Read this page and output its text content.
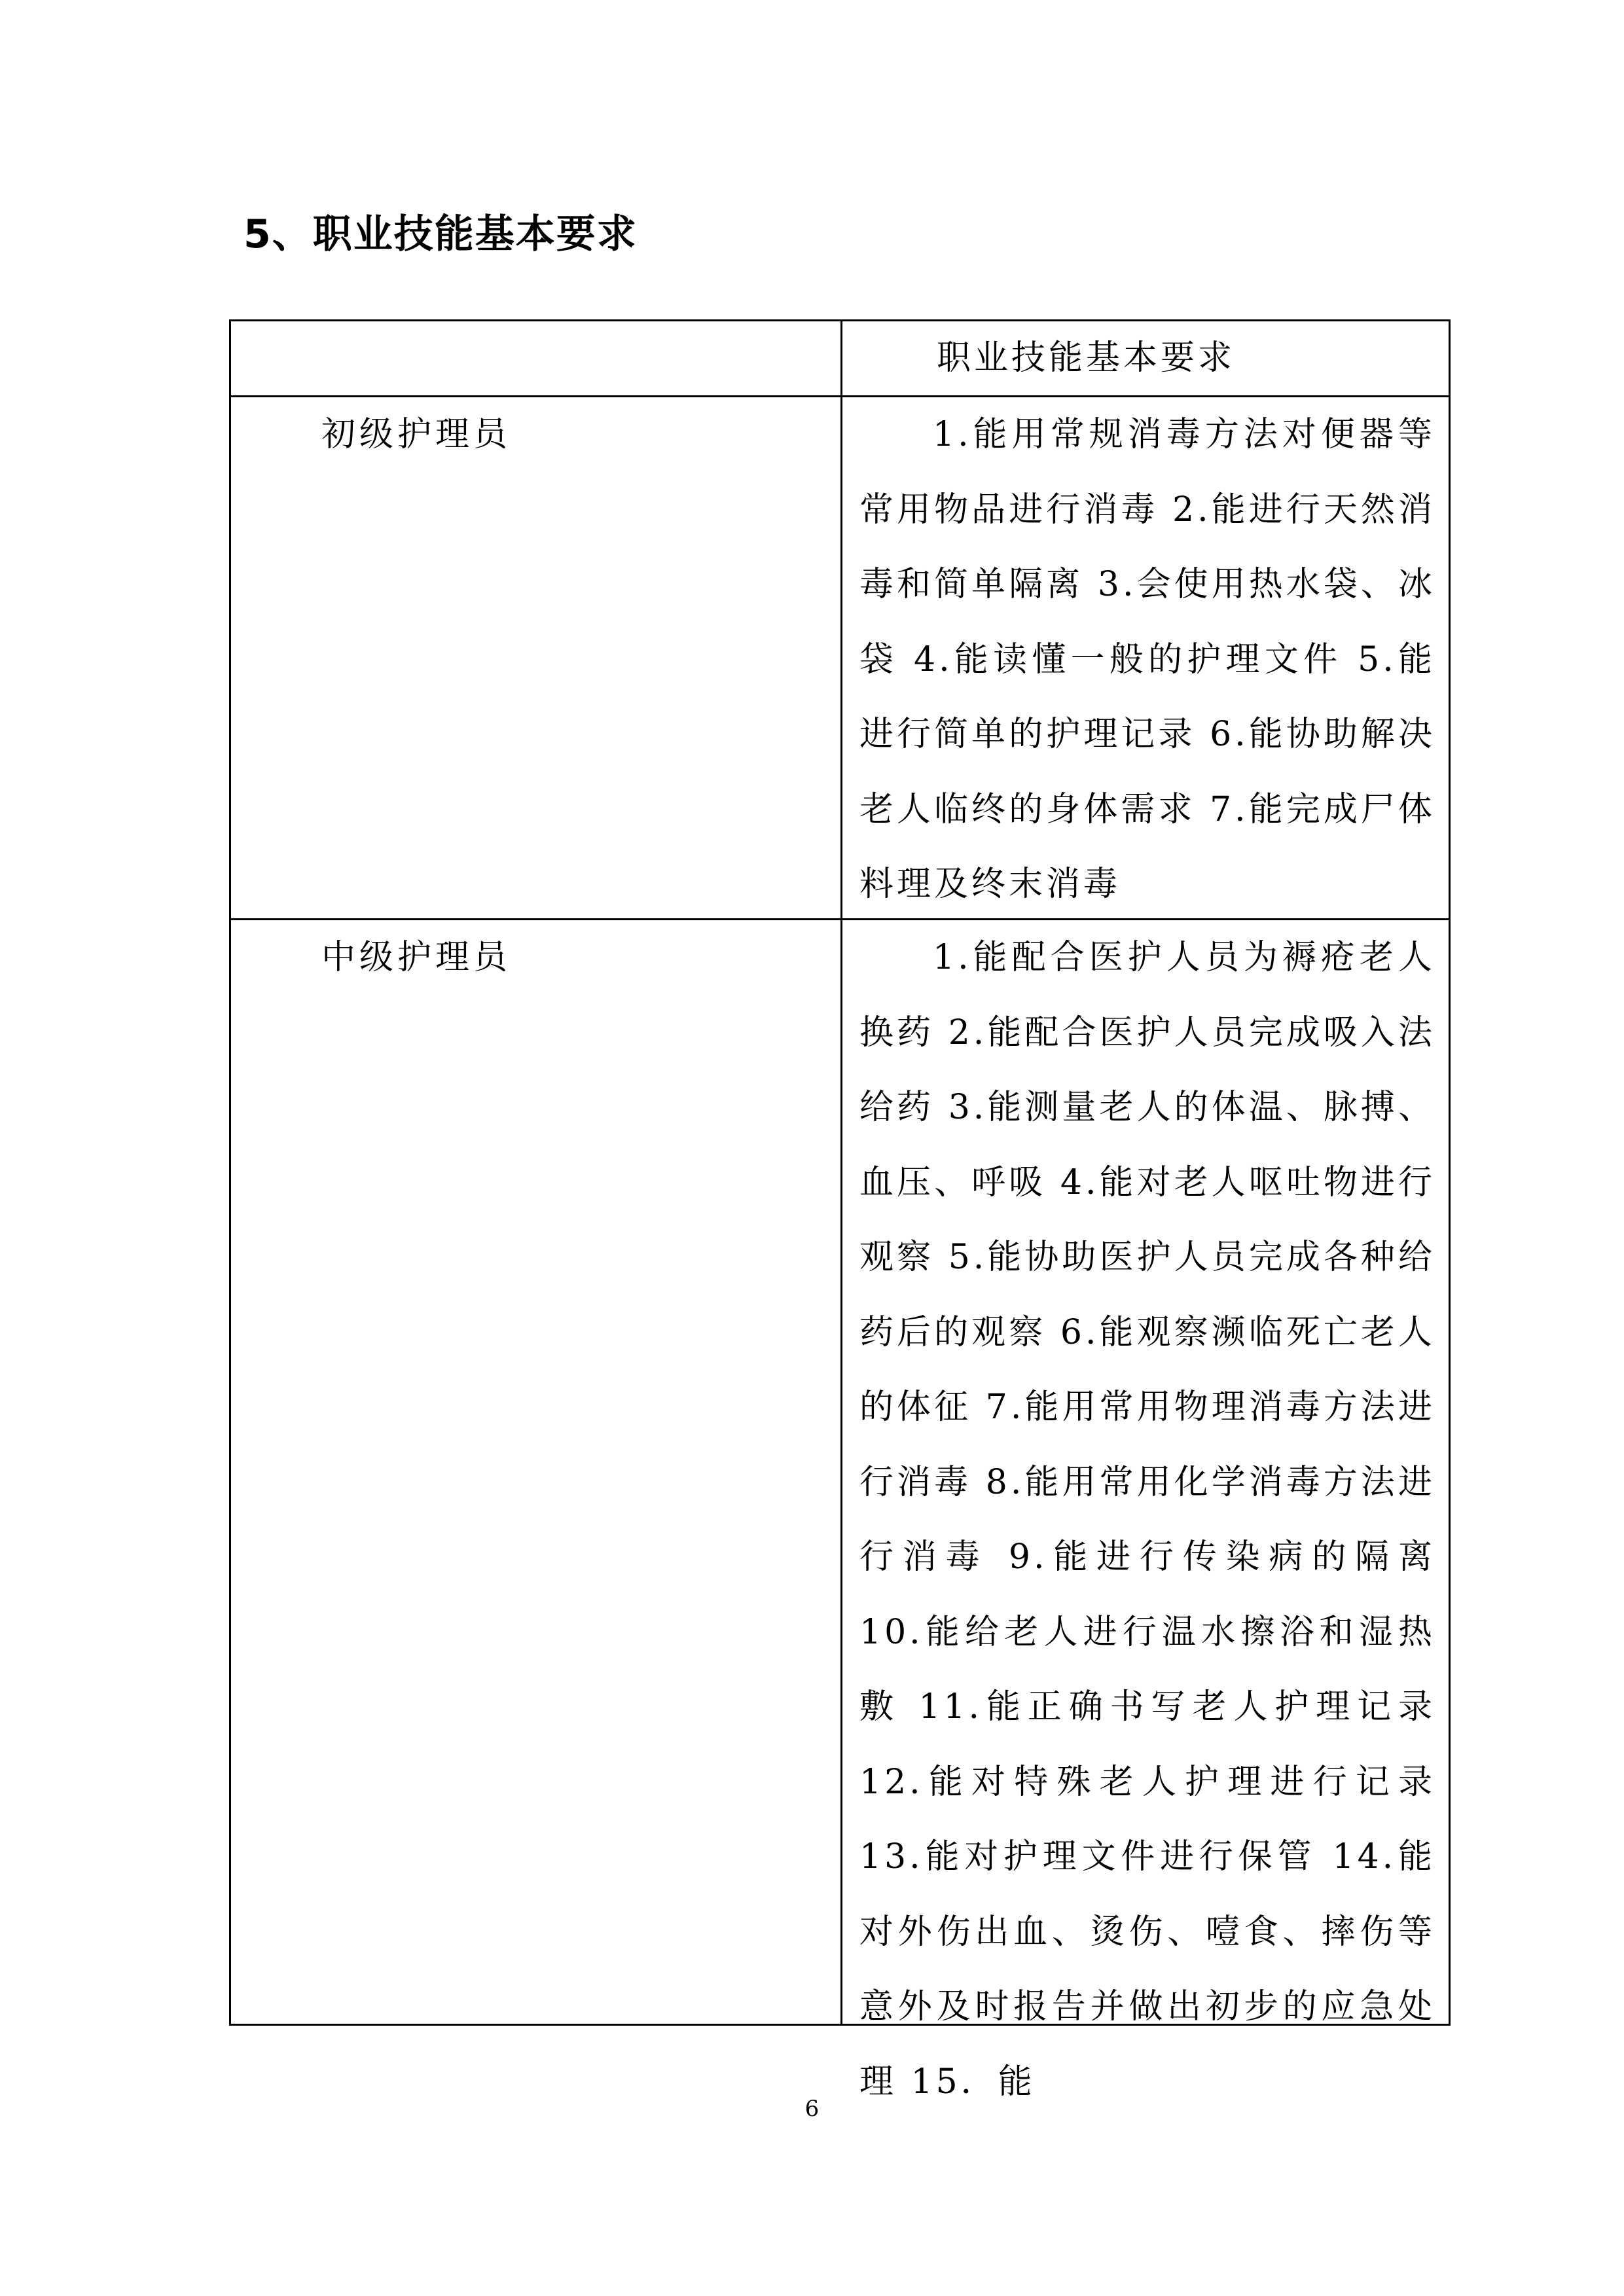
5、职业技能基本要求
职业技能基本要求
初级护理员	1.能用常规消毒方法对便器等常用物品进行消毒 2.能进行天然消毒和简单隔离 3.会使用热水袋、冰袋 4.能读懂一般的护理文件 5.能进行简单的护理记录 6.能协助解决老人临终的身体需求 7.能完成尸体料理及终末消毒
中级护理员	1.能配合医护人员为褥疮老人换药 2.能配合医护人员完成吸入法给药 3.能测量老人的体温、脉搏、血压、呼吸 4.能对老人呕吐物进行观察 5.能协助医护人员完成各种给药后的观察 6.能观察濒临死亡老人的体征 7.能用常用物理消毒方法进行消毒 8.能用常用化学消毒方法进行消毒 9.能进行传染病的隔离 10.能给老人进行温水擦浴和湿热敷 11.能正确书写老人护理记录 12.能对特殊老人护理进行记录 13.能对护理文件进行保管 14.能对外伤出血、烫伤、噎食、摔伤等意外及时报告并做出初步的应急处理 15．能
6
